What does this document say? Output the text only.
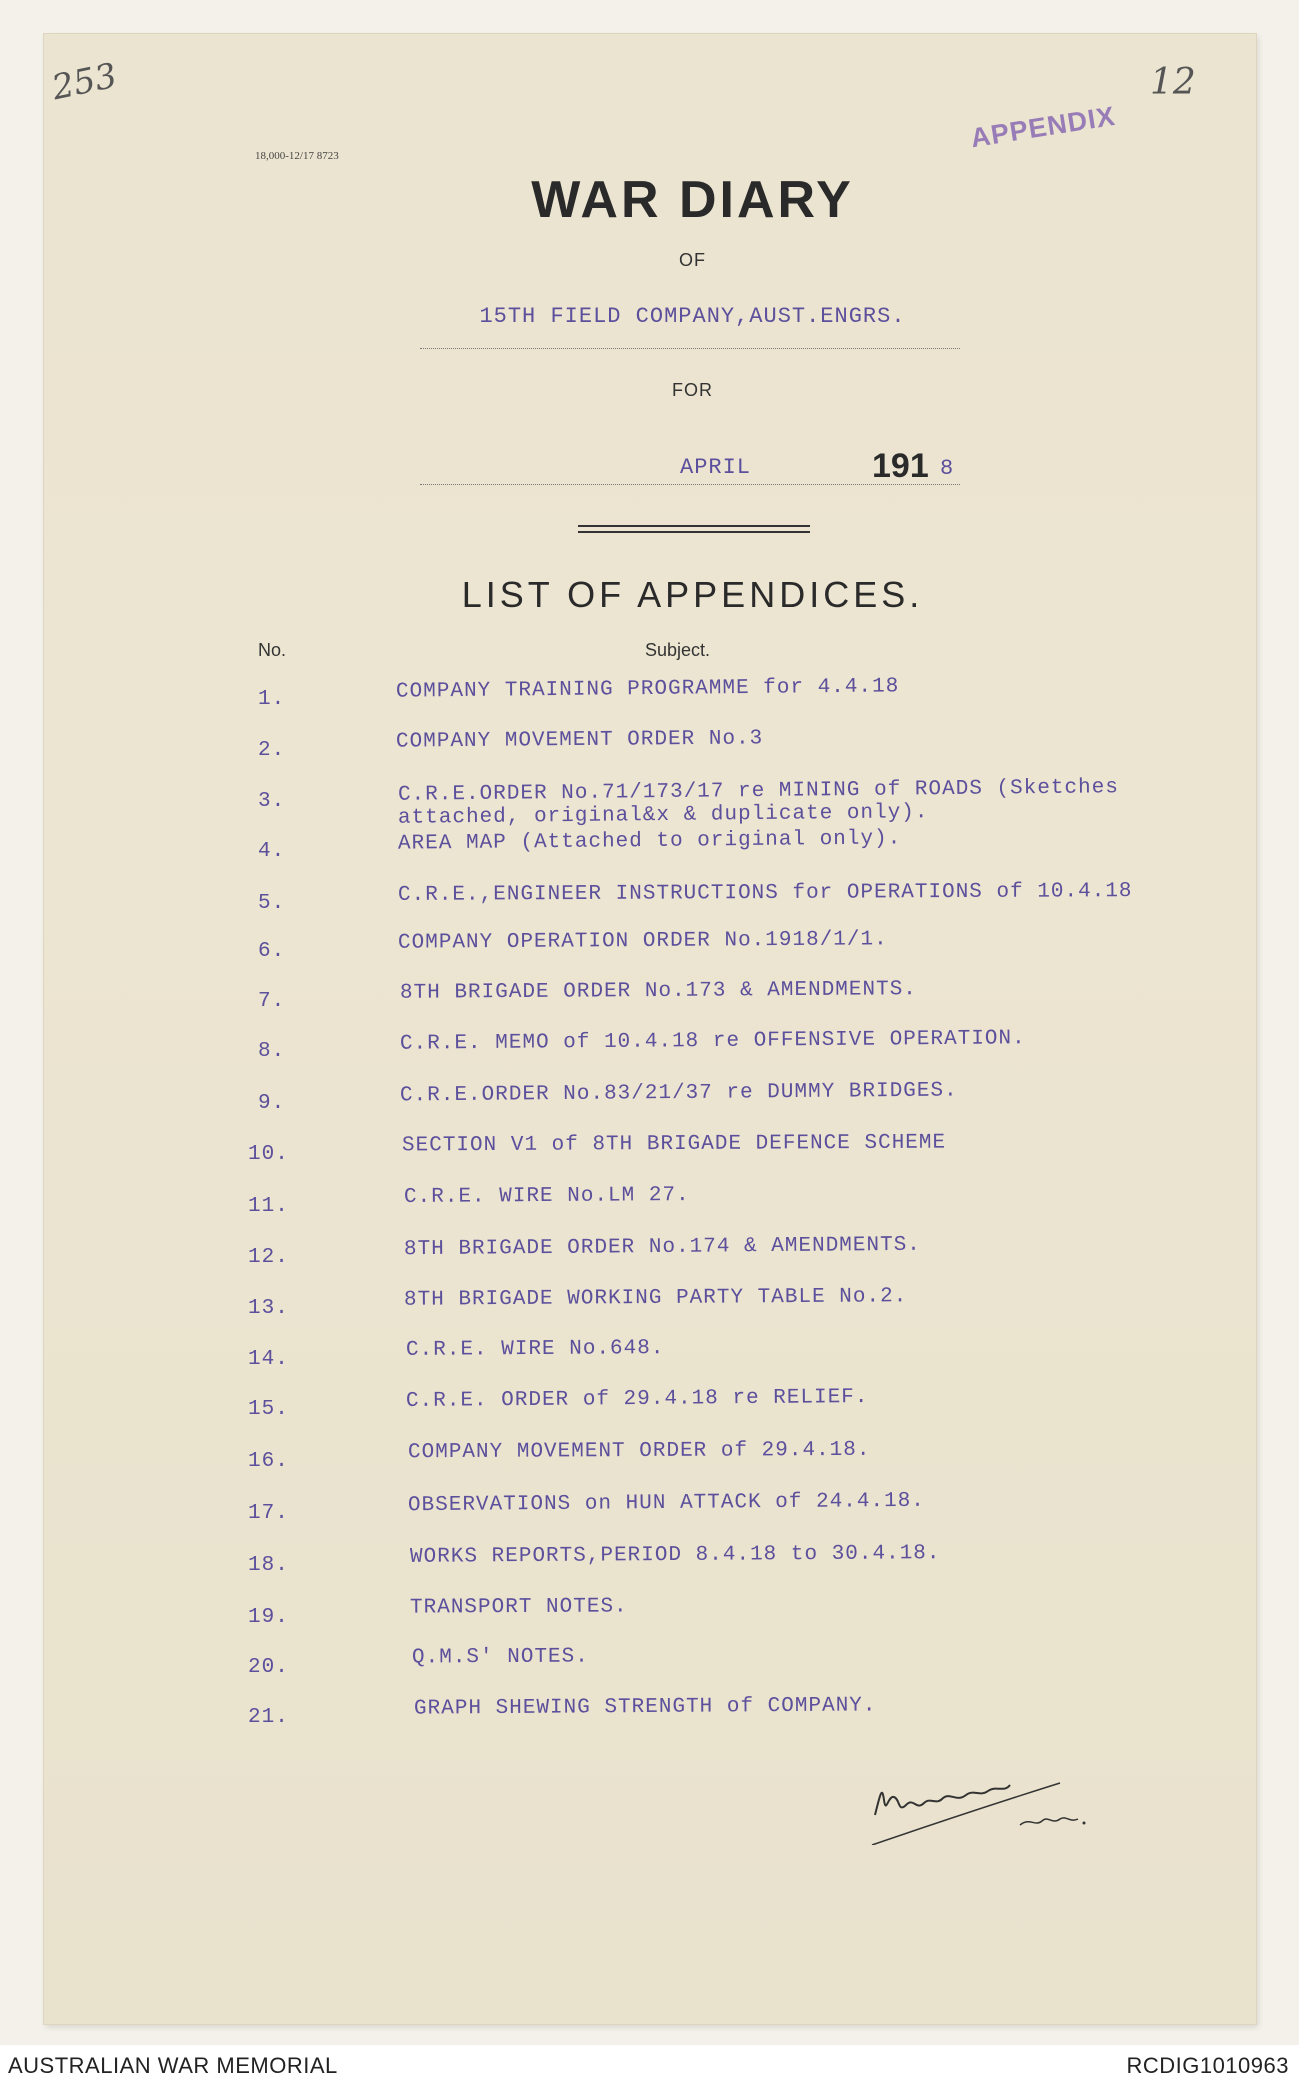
253	12
18,000-12/17 8723
APPENDIX
WAR DIARY
OF
15TH FIELD COMPANY,AUST.ENGRS.
FOR
APRIL	191 8
LIST OF APPENDICES.
No.	Subject.
1.	COMPANY TRAINING PROGRAMME for 4.4.18
2.	COMPANY MOVEMENT ORDER No.3
3.	C.R.E.ORDER No.71/173/17 re MINING of ROADS (Sketches
attached, original&x & duplicate only).
4.	AREA MAP (Attached to original only).
5.	C.R.E.,ENGINEER INSTRUCTIONS for OPERATIONS of 10.4.18
6.	COMPANY OPERATION ORDER No.1918/1/1.
7.	8TH BRIGADE ORDER No.173 & AMENDMENTS.
8.	C.R.E. MEMO of 10.4.18 re OFFENSIVE OPERATION.
9.	C.R.E.ORDER No.83/21/37 re DUMMY BRIDGES.
10.	SECTION V1 of 8TH BRIGADE DEFENCE SCHEME
11.	C.R.E. WIRE No.LM 27.
12.	8TH BRIGADE ORDER No.174 & AMENDMENTS.
13.	8TH BRIGADE WORKING PARTY TABLE No.2.
14.	C.R.E. WIRE No.648.
15.	C.R.E. ORDER of 29.4.18 re RELIEF.
16.	COMPANY MOVEMENT ORDER of 29.4.18.
17.	OBSERVATIONS on HUN ATTACK of 24.4.18.
18.	WORKS REPORTS,PERIOD 8.4.18 to 30.4.18.
19.	TRANSPORT NOTES.
20.	Q.M.S' NOTES.
21.	GRAPH SHEWING STRENGTH of COMPANY.
AUSTRALIAN WAR MEMORIAL	RCDIG1010963
